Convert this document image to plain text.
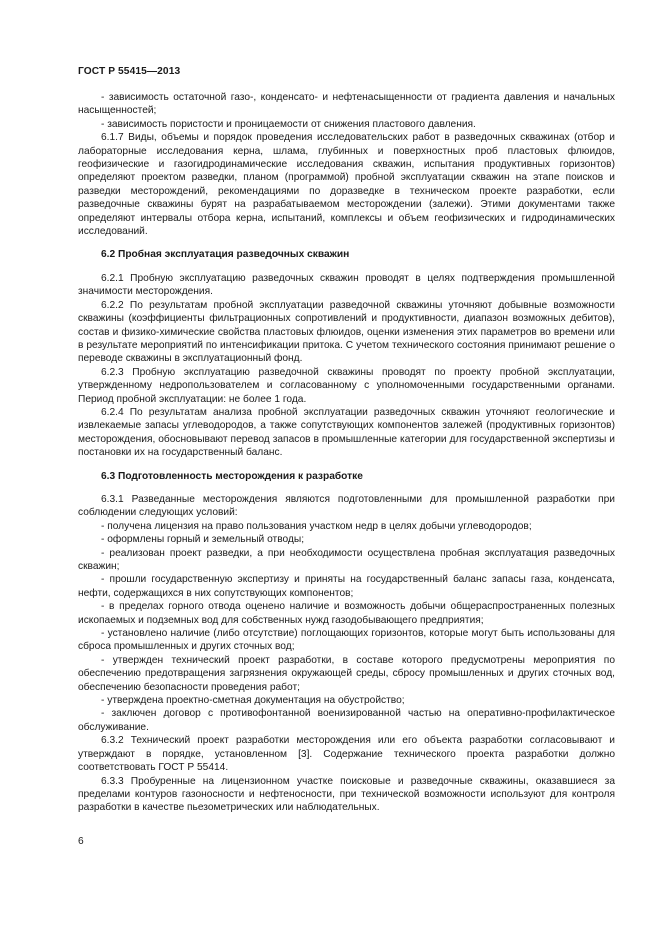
ГОСТ Р 55415—2013

- зависимость остаточной газо-, конденсато- и нефтенасыщенности от градиента давления и начальных насыщенностей;

- зависимость пористости и проницаемости от снижения пластового давления.

6.1.7 Виды, объемы и порядок проведения исследовательских работ в разведочных скважинах (отбор и лабораторные исследования керна, шлама, глубинных и поверхностных проб пластовых флюидов, геофизические и газогидродинамические исследования скважин, испытания продуктивных горизонтов) определяют проектом разведки, планом (программой) пробной эксплуатации скважин на этапе поисков и разведки месторождений, рекомендациями по доразведке в техническом проекте разработки, если разведочные скважины бурят на разрабатываемом месторождении (залежи). Этими документами также определяют интервалы отбора керна, испытаний, комплексы и объем геофизических и гидродинамических исследований.

6.2 Пробная эксплуатация разведочных скважин

6.2.1 Пробную эксплуатацию разведочных скважин проводят в целях подтверждения промышленной значимости месторождения.

6.2.2 По результатам пробной эксплуатации разведочной скважины уточняют добывные возможности скважины (коэффициенты фильтрационных сопротивлений и продуктивности, диапазон возможных дебитов), состав и физико-химические свойства пластовых флюидов, оценки изменения этих параметров во времени или в результате мероприятий по интенсификации притока. С учетом технического состояния принимают решение о переводе скважины в эксплуатационный фонд.

6.2.3 Пробную эксплуатацию разведочной скважины проводят по проекту пробной эксплуатации, утвержденному недропользователем и согласованному с уполномоченными государственными органами. Период пробной эксплуатации: не более 1 года.

6.2.4 По результатам анализа пробной эксплуатации разведочных скважин уточняют геологические и извлекаемые запасы углеводородов, а также сопутствующих компонентов залежей (продуктивных горизонтов) месторождения, обосновывают перевод запасов в промышленные категории для государственной экспертизы и постановки их на государственный баланс.

6.3 Подготовленность месторождения к разработке

6.3.1 Разведанные месторождения являются подготовленными для промышленной разработки при соблюдении следующих условий:

- получена лицензия на право пользования участком недр в целях добычи углеводородов;

- оформлены горный и земельный отводы;

- реализован проект разведки, а при необходимости осуществлена пробная эксплуатация разведочных скважин;

- прошли государственную экспертизу и приняты на государственный баланс запасы газа, конденсата, нефти, содержащихся в них сопутствующих компонентов;

- в пределах горного отвода оценено наличие и возможность добычи общераспространенных полезных ископаемых и подземных вод для собственных нужд газодобывающего предприятия;

- установлено наличие (либо отсутствие) поглощающих горизонтов, которые могут быть использованы для сброса промышленных и других сточных вод;

- утвержден технический проект разработки, в составе которого предусмотрены мероприятия по обеспечению предотвращения загрязнения окружающей среды, сбросу промышленных и других сточных вод, обеспечению безопасности проведения работ;

- утверждена проектно-сметная документация на обустройство;

- заключен договор с противофонтанной военизированной частью на оперативно-профилактическое обслуживание.

6.3.2 Технический проект разработки месторождения или его объекта разработки согласовывают и утверждают в порядке, установленном [3]. Содержание технического проекта разработки должно соответствовать ГОСТ Р 55414.

6.3.3 Пробуренные на лицензионном участке поисковые и разведочные скважины, оказавшиеся за пределами контуров газоносности и нефтеносности, при технической возможности используют для контроля разработки в качестве пьезометрических или наблюдательных.

6
